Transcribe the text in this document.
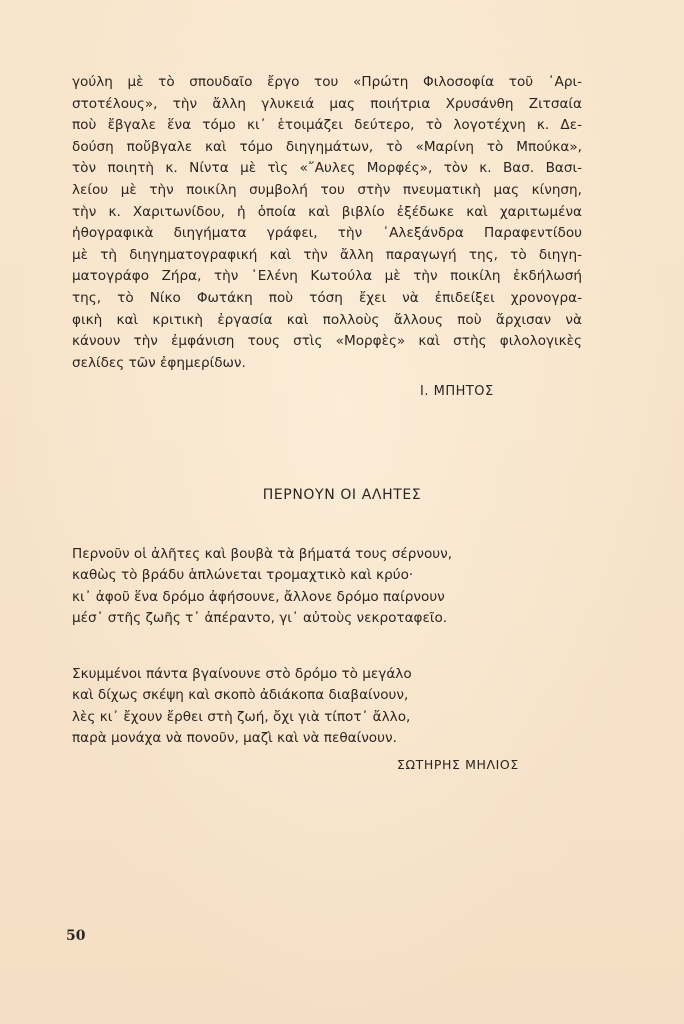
γούλη μὲ τὸ σπουδαῖο ἔργο του «Πρώτη Φιλοσοφία τοῦ ᾿Αρι-
στοτέλους», τὴν ἄλλη γλυκειά μας ποιήτρια Χρυσάνθη Ζιτσαία
ποὺ ἔβγαλε ἕνα τόμο κι᾽ ἑτοιμάζει δεύτερο, τὸ λογοτέχνη κ. Δε-
δούση ποὔβγαλε καὶ τόμο διηγημάτων, τὸ «Μαρίνη τὸ Μπούκα»,
τὸν ποιητὴ κ. Νίντα μὲ τὶς «῎Αυλες Μορφές», τὸν κ. Βασ. Βασι-
λείου μὲ τὴν ποικίλη συμβολή του στὴν πνευματικὴ μας κίνηση,
τὴν κ. Χαριτωνίδου, ἡ ὁποία καὶ βιβλίο ἐξέδωκε καὶ χαριτωμένα
ἠθογραφικὰ διηγήματα γράφει, τὴν ᾿Αλεξάνδρα Παραφεντίδου
μὲ τὴ διηγηματογραφική καὶ τὴν ἄλλη παραγωγή της, τὸ διηγη-
ματογράφο Ζήρα, τὴν ῾Ελένη Κωτούλα μὲ τὴν ποικίλη ἐκδήλωσή
της, τὸ Νίκο Φωτάκη ποὺ τόση ἔχει νὰ ἐπιδείξει χρονογρα-
φικὴ καὶ κριτικὴ ἐργασία καὶ πολλοὺς ἄλλους ποὺ ἄρχισαν νὰ
κάνουν τὴν ἐμφάνιση τους στὶς «Μορφὲς» καὶ στὴς φιλολογικὲς
σελίδες τῶν ἐφημερίδων.
Ι. ΜΠΗΤΟΣ
ΠΕΡΝΟΥΝ ΟΙ ΑΛΗΤΕΣ
Περνοῦν οἱ ἀλῆτες καὶ βουβὰ τὰ βήματά τους σέρνουν,
καθὼς τὸ βράδυ ἁπλώνεται τρομαχτικὸ καὶ κρύο·
κι᾽ ἀφοῦ ἕνα δρόμο ἀφήσουνε, ἄλλονε δρόμο παίρνουν
μέσ᾽ στῆς ζωῆς τ᾽ ἀπέραντο, γι᾽ αὐτοὺς νεκροταφεῖο.
Σκυμμένοι πάντα βγαίνουνε στὸ δρόμο τὸ μεγάλο
καὶ δίχως σκέψη καὶ σκοπὸ ἀδιάκοπα διαβαίνουν,
λὲς κι᾽ ἔχουν ἔρθει στὴ ζωή, ὄχι γιὰ τίποτ᾽ ἄλλο,
παρὰ μονάχα νὰ πονοῦν, μαζὶ καὶ νὰ πεθαίνουν.
ΣΩΤΗΡΗΣ ΜΗΛΙΟΣ
50
